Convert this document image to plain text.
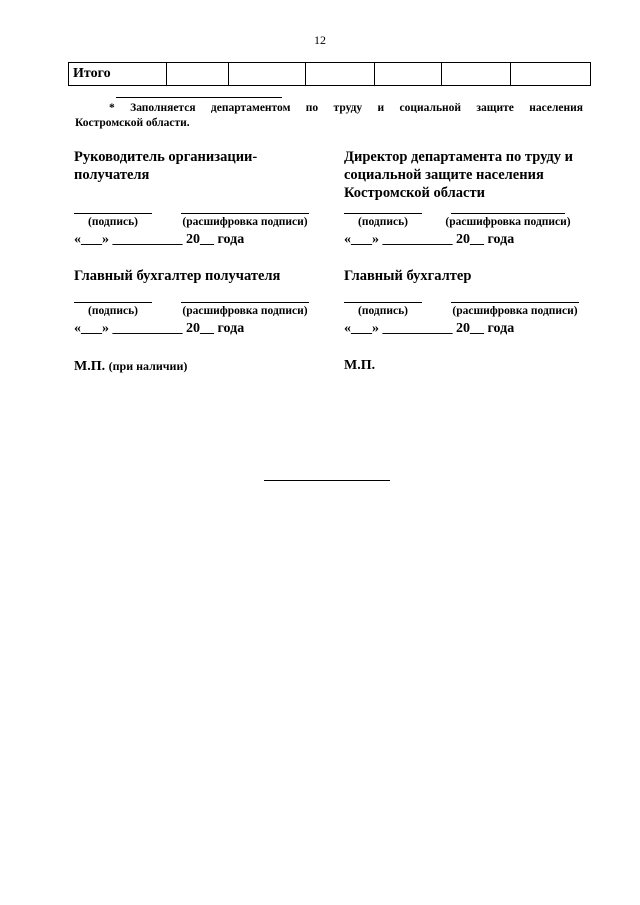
12
Итого						
* Заполняется департаментом по труду и социальной защите населения
Костромской области.
Руководитель организации-
получателя
(подпись)	(расшифровка подписи)
«___» __________ 20__ года
Главный бухгалтер получателя
(подпись)	(расшифровка подписи)
«___» __________ 20__ года
М.П. (при наличии)
Директор департамента по труду и
социальной защите населения
Костромской области
(подпись)	(расшифровка подписи)
«___» __________ 20__ года
Главный бухгалтер
(подпись)	(расшифровка подписи)
«___» __________ 20__ года
М.П.
